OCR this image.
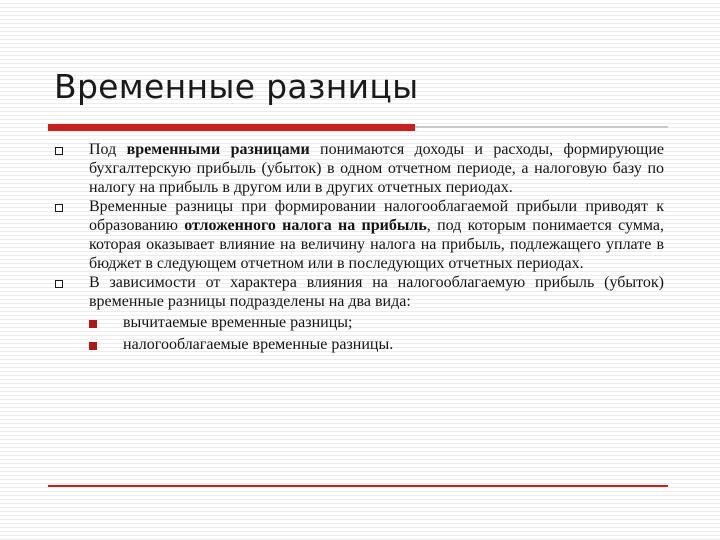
Временные разницы
Под временными разницами понимаются доходы и расходы, формирующие бухгалтерскую прибыль (убыток) в одном отчетном периоде, а налоговую базу по налогу на прибыль в другом или в других отчетных периодах.
Временные разницы при формировании налогооблагаемой прибыли приводят к образованию отложенного налога на прибыль, под которым понимается сумма, которая оказывает влияние на величину налога на прибыль, подлежащего уплате в бюджет в следующем отчетном или в последующих отчетных периодах.
В зависимости от характера влияния на налогооблагаемую прибыль (убыток) временные разницы подразделены на два вида:
вычитаемые временные разницы;
налогооблагаемые временные разницы.
